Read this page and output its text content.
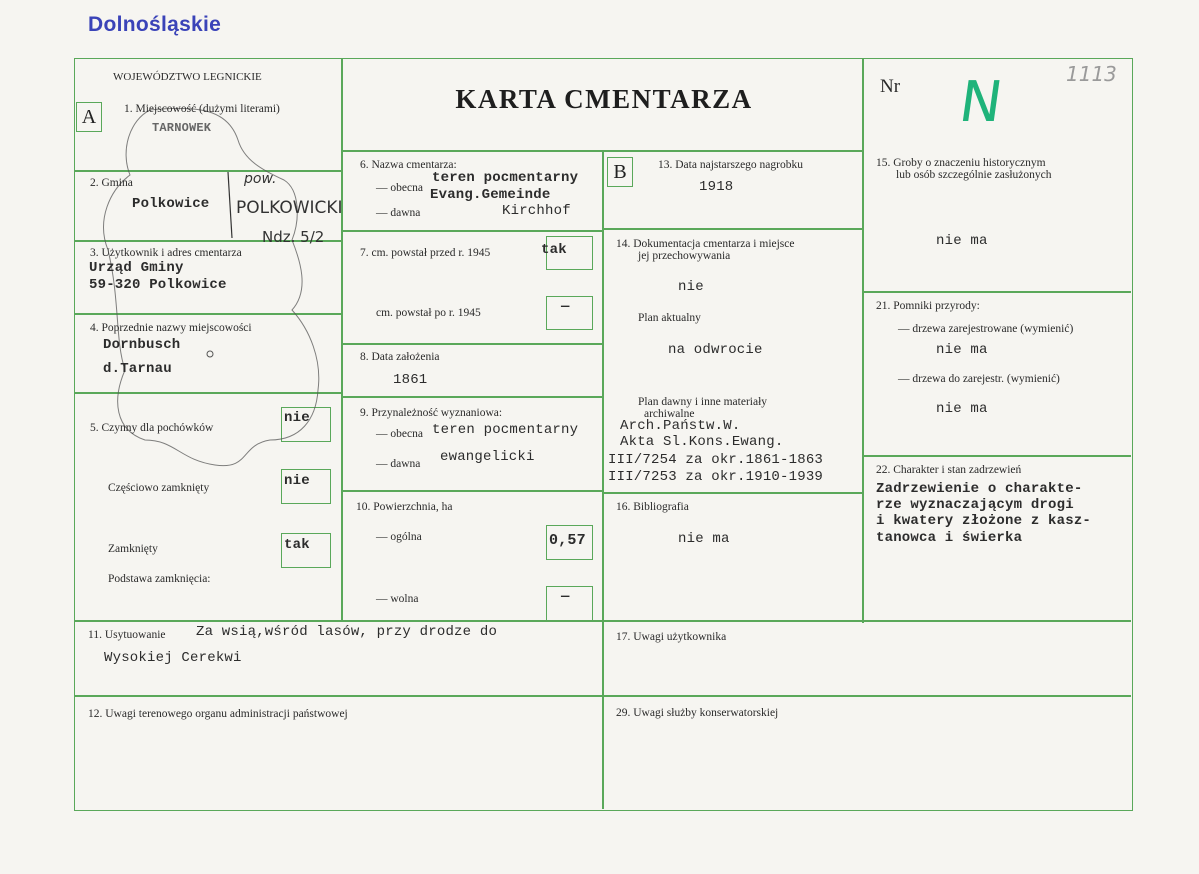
Dolnośląskie
A
B
WOJEWÓDZTWO LEGNICKIE
KARTA CMENTARZA	Nr N	1113
1. Miejscowość (dużymi literami)
TARNOWEK
2. Gmina
Polkowice
pow.
POLKOWICKI
Ndz. 5/2
3. Użytkownik i adres cmentarza
Urząd Gminy
59-320 Polkowice
4. Poprzednie nazwy miejscowości
Dornbusch
d.Tarnau
5. Czynny dla pochówków
nie
Częściowo zamknięty	nie
Zamknięty	tak
Podstawa zamknięcia:
6. Nazwa cmentarza:
— obecna
teren pocmentarny
Evang.Gemeinde
— dawna	Kirchhof
7. cm. powstał przed r. 1945	tak
cm. powstał po r. 1945	—
8. Data założenia
1861
9. Przynależność wyznaniowa:
— obecna teren pocmentarny
— dawna ewangelicki
10. Powierzchnia, ha
— ogólna	0,57
— wolna	—
13. Data najstarszego nagrobku
1918
14. Dokumentacja cmentarza i miejsce
jej przechowywania
nie
Plan aktualny
na odwrocie
Plan dawny i inne materiały
archiwalne
Arch.Państw.W.
Akta Sl.Kons.Ewang.
III/7254 za okr.1861-1863
III/7253 za okr.1910-1939
15. Groby o znaczeniu historycznym
lub osób szczególnie zasłużonych
nie ma
16. Bibliografia
nie ma
21. Pomniki przyrody:
— drzewa zarejestrowane (wymienić)
nie ma
— drzewa do zarejestr. (wymienić)
nie ma
22. Charakter i stan zadrzewień
Zadrzewienie o charakte-
rze wyznaczającym drogi
i kwatery złożone z kasz-
tanowca i świerka
11. Usytuowanie Za wsią,wśród lasów, przy drodze do
Wysokiej Cerekwi
17. Uwagi użytkownika
12. Uwagi terenowego organu administracji państwowej	29. Uwagi służby konserwatorskiej
